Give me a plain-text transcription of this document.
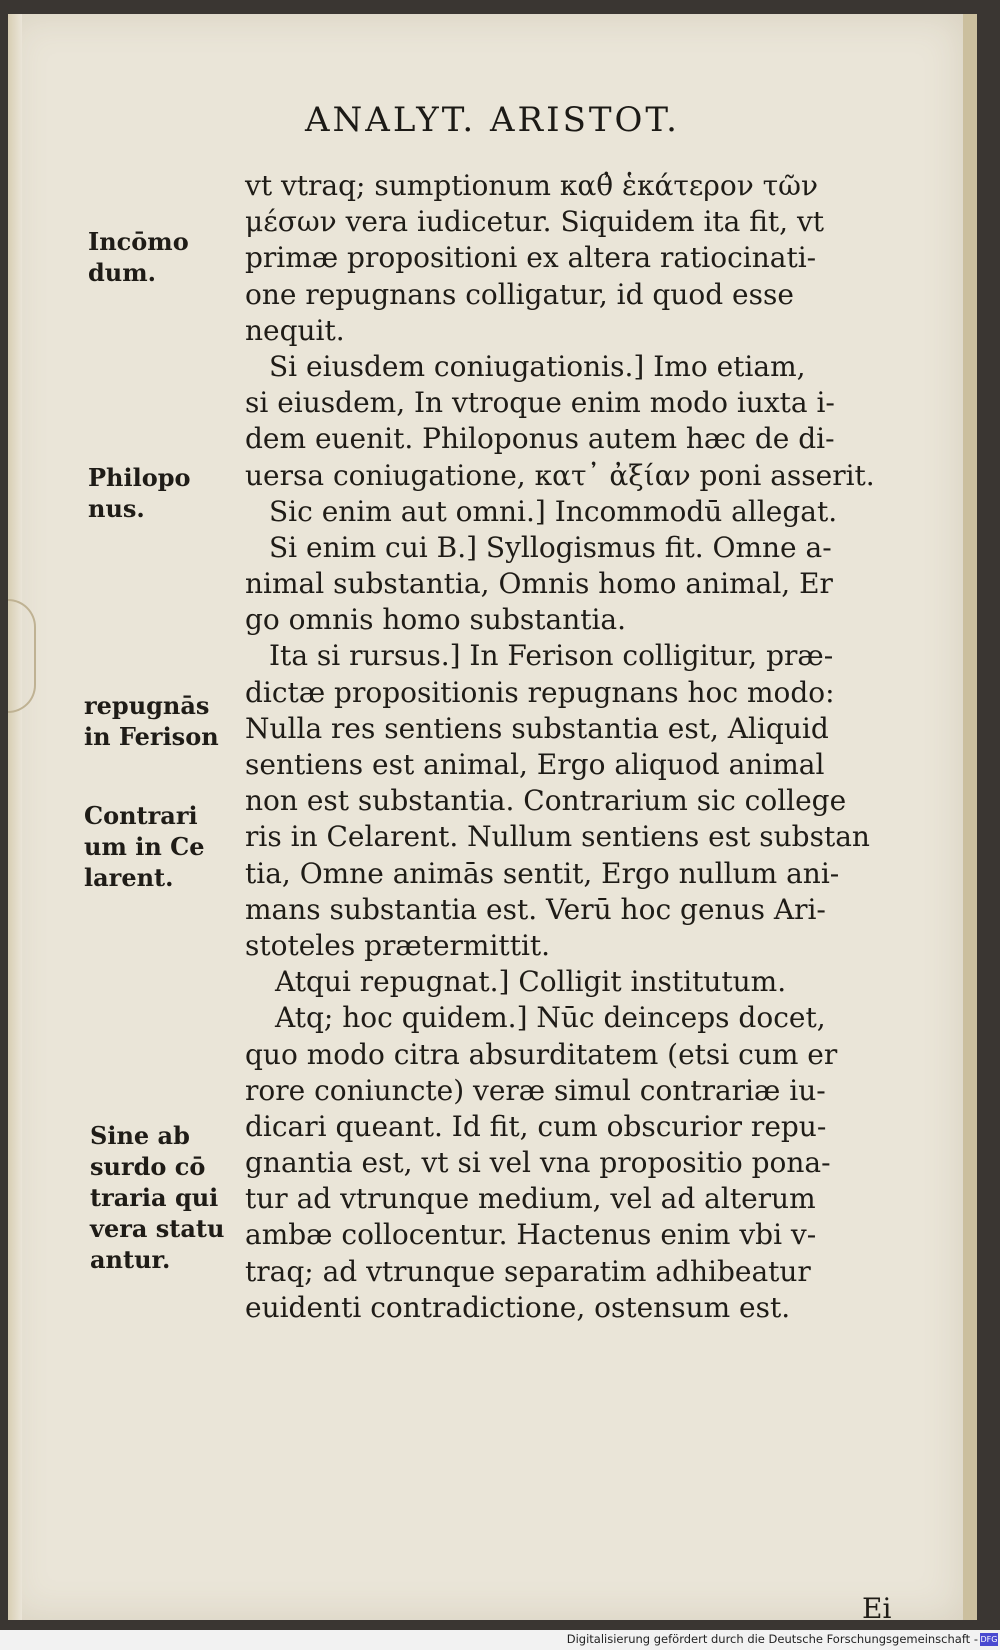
ANALYT. ARISTOT.
vt vtraq; sumptionum καθ̓ ἑκάτερον τῶν
μέσων vera iudicetur. Siquidem ita fit, vt
primæ propositioni ex altera ratiocinati-
one repugnans colligatur, id quod esse
nequit.
Si eiusdem coniugationis.] Imo etiam,
si eiusdem, In vtroque enim modo iuxta i-
dem euenit. Philoponus autem hæc de di-
uersa coniugatione, κατ᾽ ἀξίαν poni asserit.
Sic enim aut omni.] Incommodū allegat.
Si enim cui B.] Syllogismus fit. Omne a-
nimal substantia, Omnis homo animal, Er
go omnis homo substantia.
Ita si rursus.] In Ferison colligitur, præ-
dictæ propositionis repugnans hoc modo:
Nulla res sentiens substantia est, Aliquid
sentiens est animal, Ergo aliquod animal
non est substantia. Contrarium sic college
ris in Celarent. Nullum sentiens est substan
tia, Omne animās sentit, Ergo nullum ani-
mans substantia est. Verū hoc genus Ari-
stoteles prætermittit.
Atqui repugnat.] Colligit institutum.
Atq; hoc quidem.] Nūc deinceps docet,
quo modo citra absurditatem (etsi cum er
rore coniuncte) veræ simul contrariæ iu-
dicari queant. Id fit, cum obscurior repu-
gnantia est, vt si vel vna propositio pona-
tur ad vtrunque medium, vel ad alterum
ambæ collocentur. Hactenus enim vbi v-
traq; ad vtrunque separatim adhibeatur
euidenti contradictione, ostensum est.
Incōmo dum.
Philopo nus.
repugnās in Ferison
Contrari um in Ce larent.
Sine ab surdo cō traria qui vera statu antur.
Ei
Digitalisierung gefördert durch die Deutsche Forschungsgemeinschaft - DFG
